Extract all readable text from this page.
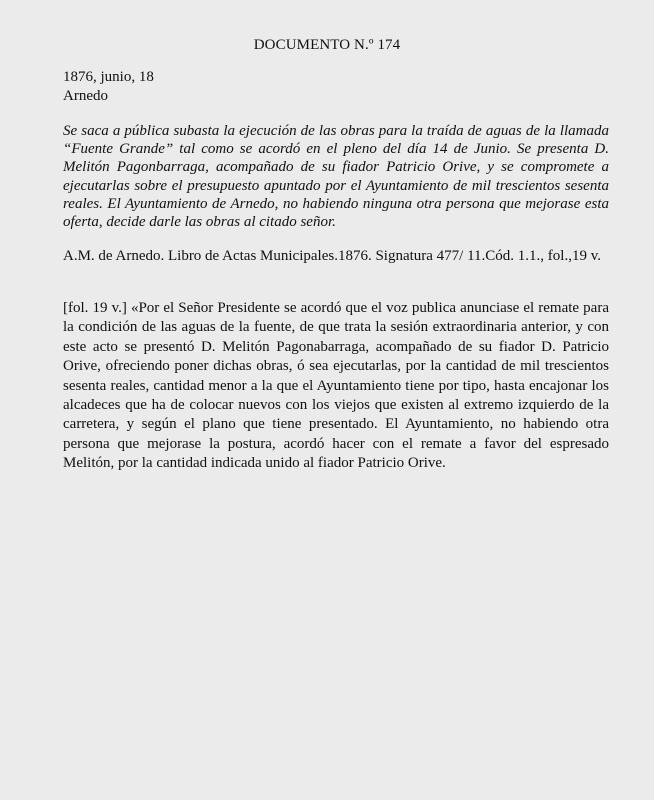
DOCUMENTO N.º 174
1876, junio, 18
Arnedo

Se saca a pública subasta la ejecución de las obras para la traída de aguas de la llamada “Fuente Grande” tal como se acordó en el pleno del día 14 de Junio. Se presenta D. Melitón Pagonbarraga, acompañado de su fiador Patricio Orive, y se compromete a ejecutarlas sobre el presupuesto apuntado por el Ayuntamiento de mil trescientos sesenta reales. El Ayuntamiento de Arnedo, no habiendo ninguna otra persona que mejorase esta oferta, decide darle las obras al citado señor.

A.M. de Arnedo. Libro de Actas Municipales.1876. Signatura 477/ 11.Cód. 1.1., fol.,19 v.

[fol. 19 v.] «Por el Señor Presidente se acordó que el voz publica anunciase el remate para la condición de las aguas de la fuente, de que trata la sesión extraordinaria anterior, y con este acto se presentó D. Melitón Pagonabarraga, acompañado de su fiador D. Patricio Orive, ofreciendo poner dichas obras, ó sea ejecutarlas, por la cantidad de mil trescientos sesenta reales, cantidad menor a la que el Ayuntamiento tiene por tipo, hasta encajonar los alcadeces que ha de colocar nuevos con los viejos que existen al extremo izquierdo de la carretera, y según el plano que tiene presentado. El Ayuntamiento, no habiendo otra persona que mejorase la postura, acordó hacer con el remate a favor del espresado Melitón, por la cantidad indicada unido al fiador Patricio Orive.
